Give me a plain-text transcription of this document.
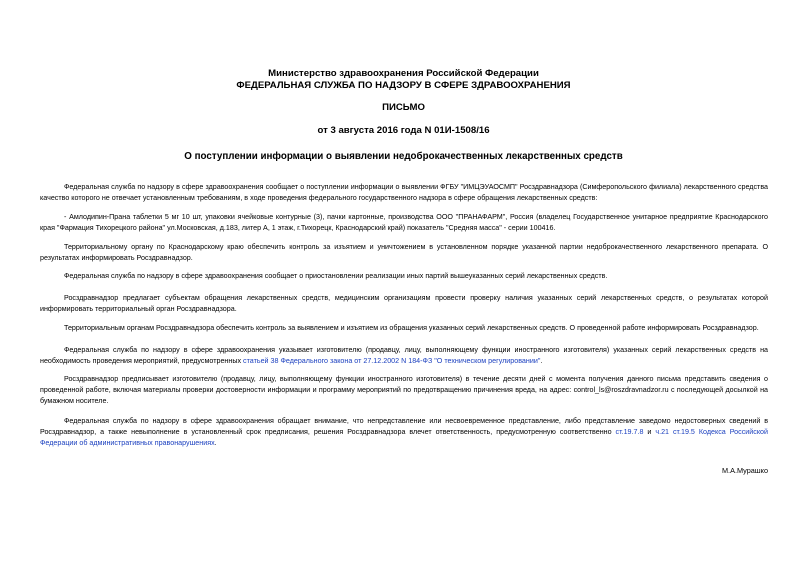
Министерство здравоохранения Российской Федерации
ФЕДЕРАЛЬНАЯ СЛУЖБА ПО НАДЗОРУ В СФЕРЕ ЗДРАВООХРАНЕНИЯ
ПИСЬМО
от 3 августа 2016 года N 01И-1508/16
О поступлении информации о выявлении недоброкачественных лекарственных средств
Федеральная служба по надзору в сфере здравоохранения сообщает о поступлении информации о выявлении ФГБУ "ИМЦЭУАОСМП" Росздравнадзора (Симферопольского филиала) лекарственного средства качество которого не отвечает установленным требованиям, в ходе проведения федерального государственного надзора в сфере обращения лекарственных средств:
- Амлодипин-Прана таблетки 5 мг 10 шт, упаковки ячейковые контурные (3), пачки картонные, производства ООО "ПРАНАФАРМ", Россия (владелец Государственное унитарное предприятие Краснодарского края "Фармация Тихорецкого района" ул.Московская, д.183, литер А, 1 этаж, г.Тихорецк, Краснодарский край) показатель "Средняя масса" - серии 100416.
Территориальному органу по Краснодарскому краю обеспечить контроль за изъятием и уничтожением в установленном порядке указанной партии недоброкачественного лекарственного препарата. О результатах информировать Росздравнадзор.
Федеральная служба по надзору в сфере здравоохранения сообщает о приостановлении реализации иных партий вышеуказанных серий лекарственных средств.
Росздравнадзор предлагает субъектам обращения лекарственных средств, медицинским организациям провести проверку наличия указанных серий лекарственных средств, о результатах которой информировать территориальный орган Росздравнадзора.
Территориальным органам Росздравнадзора обеспечить контроль за выявлением и изъятием из обращения указанных серий лекарственных средств. О проведенной работе информировать Росздравнадзор.
Федеральная служба по надзору в сфере здравоохранения указывает изготовителю (продавцу, лицу, выполняющему функции иностранного изготовителя) указанных серий лекарственных средств на необходимость проведения мероприятий, предусмотренных статьей 38 Федерального закона от 27.12.2002 N 184-ФЗ "О техническом регулировании".
Росздравнадзор предписывает изготовителю (продавцу, лицу, выполняющему функции иностранного изготовителя) в течение десяти дней с момента получения данного письма представить сведения о проведенной работе, включая материалы проверки достоверности информации и программу мероприятий по предотвращению причинения вреда, на адрес: control_ls@roszdravnadzor.ru с последующей досылкой на бумажном носителе.
Федеральная служба по надзору в сфере здравоохранения обращает внимание, что непредставление или несвоевременное представление, либо представление заведомо недостоверных сведений в Росздравнадзор, а также невыполнение в установленный срок предписания, решения Росздравнадзора влечет ответственность, предусмотренную соответственно ст.19.7.8 и ч.21 ст.19.5 Кодекса Российской Федерации об административных правонарушениях.
М.А.Мурашко
